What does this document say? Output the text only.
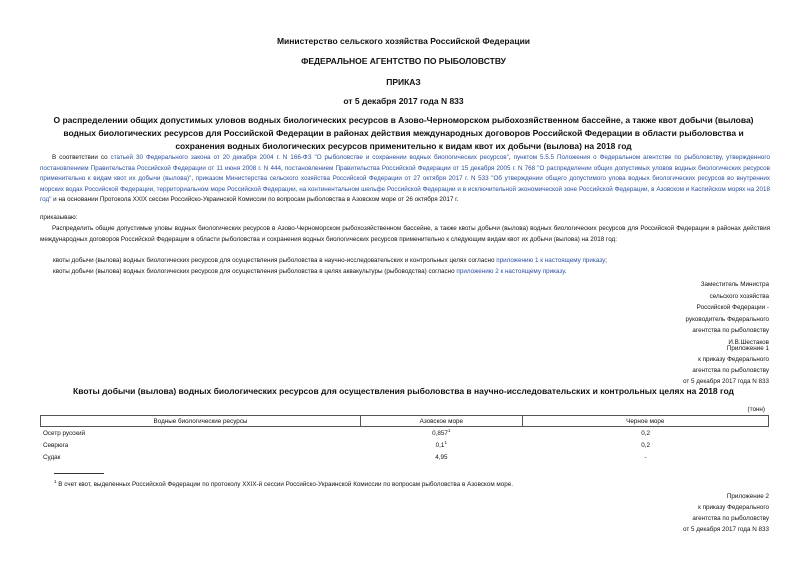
Министерство сельского хозяйства Российской Федерации
ФЕДЕРАЛЬНОЕ АГЕНТСТВО ПО РЫБОЛОВСТВУ
ПРИКАЗ
от 5 декабря 2017 года N 833
О распределении общих допустимых уловов водных биологических ресурсов в Азово-Черноморском рыбохозяйственном бассейне, а также квот добычи (вылова) водных биологических ресурсов для Российской Федерации в районах действия международных договоров Российской Федерации в области рыболовства и сохранения водных биологических ресурсов применительно к видам квот их добычи (вылова) на 2018 год
В соответствии со статьей 30 Федерального закона от 20 декабря 2004 г. N 166-ФЗ "О рыболовстве и сохранении водных биологических ресурсов", пунктом 5.5.5 Положения о Федеральном агентстве по рыболовству, утвержденного постановлением Правительства Российской Федерации от 11 июня 2008 г. N 444, постановлением Правительства Российской Федерации от 15 декабря 2005 г. N 768 "О распределении общих допустимых уловов водных биологических ресурсов применительно к видам квот их добычи (вылова)", приказом Министерства сельского хозяйства Российской Федерации от 27 октября 2017 г. N 533 "Об утверждении общего допустимого улова водных биологических ресурсов во внутренних морских водах Российской Федерации, территориальном море Российской Федерации, на континентальном шельфе Российской Федерации и в исключительной экономической зоне Российской Федерации, в Азовском и Каспийском морях на 2018 год" и на основании Протокола XXIX сессии Российско-Украинской Комиссии по вопросам рыболовства в Азовском море от 26 октября 2017 г.
приказываю:
Распределить общие допустимые уловы водных биологических ресурсов в Азово-Черноморском рыбохозяйственном бассейне, а также квоты добычи (вылова) водных биологических ресурсов для Российской Федерации в районах действия международных договоров Российской Федерации в области рыболовства и сохранения водных биологических ресурсов применительно к следующим видам квот их добычи (вылова) на 2018 год:
квоты добычи (вылова) водных биологических ресурсов для осуществления рыболовства в научно-исследовательских и контрольных целях согласно приложению 1 к настоящему приказу;
квоты добычи (вылова) водных биологических ресурсов для осуществления рыболовства в целях аквакультуры (рыбоводства) согласно приложению 2 к настоящему приказу.
Заместитель Министра
сельского хозяйства
Российской Федерации -
руководитель Федерального
агентства по рыболовству
И.В.Шестаков
Приложение 1
к приказу Федерального
агентства по рыболовству
от 5 декабря 2017 года N 833
Квоты добычи (вылова) водных биологических ресурсов для осуществления рыболовства в научно-исследовательских и контрольных целях на 2018 год
(тонн)
Водные биологические ресурсы	Азовское море	Черное море
Осетр русский	0,857$^1$	0,2
Севрюга	0,1$^1$	0,2
Судак	4,95	-
$^1$ В счет квот, выделенных Российской Федерации по протоколу XXIX-й сессии Российско-Украинской Комиссии по вопросам рыболовства в Азовском море.
Приложение 2
к приказу Федерального
агентства по рыболовству
от 5 декабря 2017 года N 833
